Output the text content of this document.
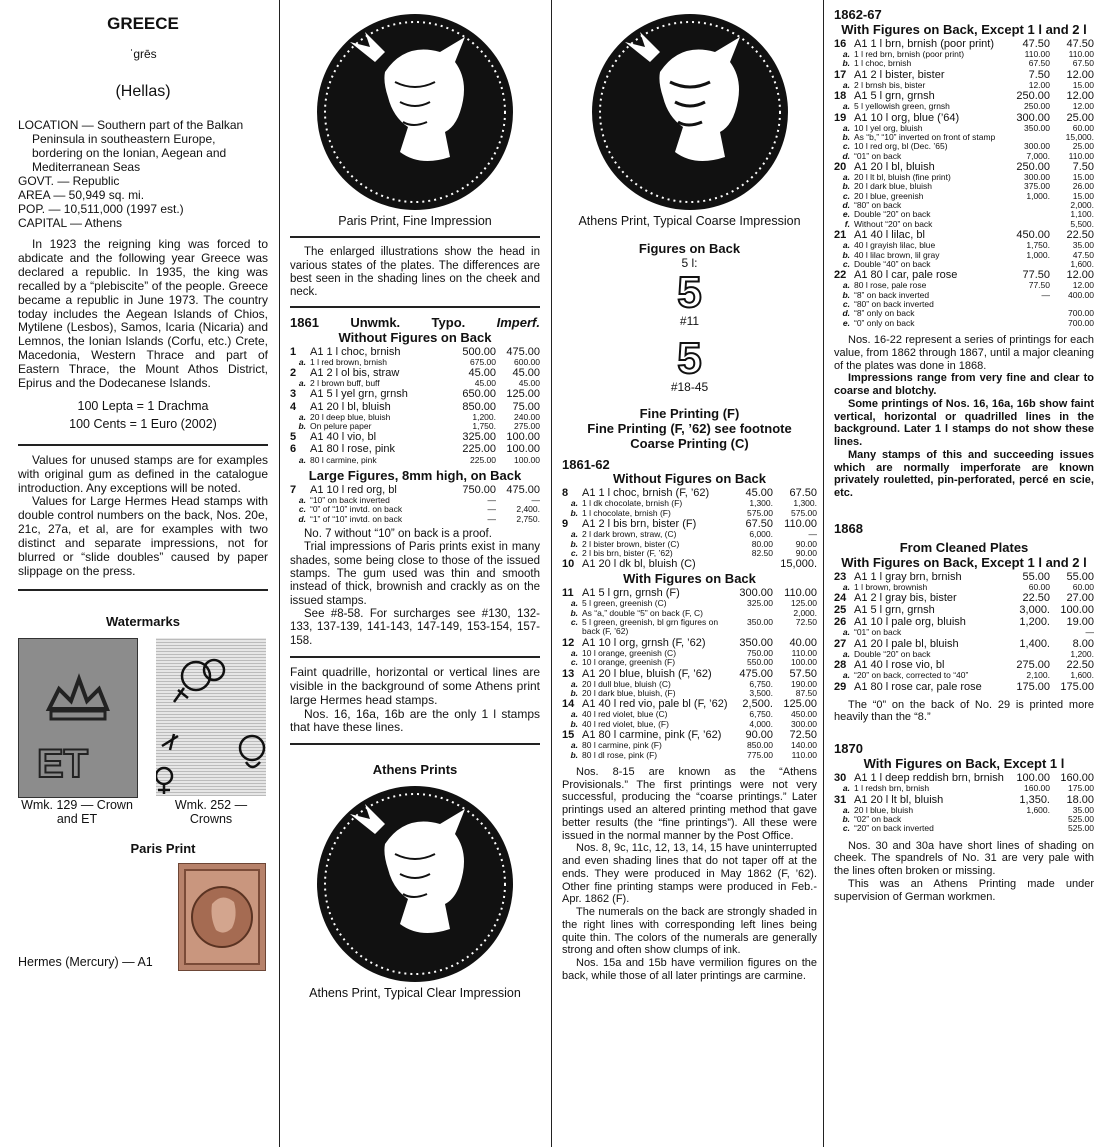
GREECE
ˈgrēs
(Hellas)

LOCATION — Southern part of the Balkan Peninsula in southeastern Europe, bordering on the Ionian, Aegean and Mediterranean Seas

GOVT. — Republic

AREA — 50,949 sq. mi.

POP. — 10,511,000 (1997 est.)

CAPITAL — Athens

In 1923 the reigning king was forced to abdicate and the following year Greece was declared a republic. In 1935, the king was recalled by a “plebiscite” of the people. Greece became a republic in June 1973. The country today includes the Aegean Islands of Chios, Mytilene (Lesbos), Samos, Icaria (Nicaria) and Lemnos, the Ionian Islands (Corfu, etc.) Crete, Macedonia, Western Thrace and part of Eastern Thrace, the Mount Athos District, Epirus and the Dodecanese Islands.

100 Lepta = 1 Drachma

100 Cents = 1 Euro (2002)

Values for unused stamps are for examples with original gum as defined in the catalogue introduction. Any exceptions will be noted.

Values for Large Hermes Head stamps with double control numbers on the back, Nos. 20e, 21c, 27a, et al, are for examples with two distinct and separate impressions, not for blurred or “slide doubles” caused by paper slippage on the press.

Watermarks
ET
Wmk. 129 — Crown and ET
Wmk. 252 — Crowns
Paris Print
Hermes (Mercury) — A1
Paris Print, Fine Impression

The enlarged illustrations show the head in various states of the plates. The differences are best seen in the shading lines on the cheek and neck.

1861 Unwmk. Typo. Imperf.
Without Figures on Back
1	A1 1 l choc, brnish	500.00	475.00
a.	1 l red brown, brnish	675.00	600.00
2	A1 2 l ol bis, straw	45.00	45.00
a.	2 l brown buff, buff	45.00	45.00
3	A1 5 l yel grn, grnsh	650.00	125.00
4	A1 20 l bl, bluish	850.00	75.00
a.	20 l deep blue, bluish	1,200.	240.00
b.	On pelure paper	1,750.	275.00
5	A1 40 l vio, bl	325.00	100.00
6	A1 80 l rose, pink	225.00	100.00
a.	80 l carmine, pink	225.00	100.00
Large Figures, 8mm high, on Back
7	A1 10 l red org, bl	750.00	475.00
a.	“10” on back inverted	—	—
c.	“0” of “10” invtd. on back	—	2,400.
d.	“1” of “10” invtd. on back	—	2,750.

No. 7 without “10” on back is a proof.

Trial impressions of Paris prints exist in many shades, some being close to those of the issued stamps. The gum used was thin and smooth instead of thick, brownish and crackly as on the issued stamps.

See #8-58. For surcharges see #130, 132-133, 137-139, 141-143, 147-149, 153-154, 157-158.

Faint quadrille, horizontal or vertical lines are visible in the background of some Athens print large Hermes head stamps.

Nos. 16, 16a, 16b are the only 1 l stamps that have these lines.

Athens Prints
Athens Print, Typical Clear Impression
Athens Print, Typical Coarse Impression
Figures on Back
5 l:
5
#11
5
#18-45
Fine Printing (F)
Fine Printing (F, ’62) see footnote
Coarse Printing (C)
1861-62
Without Figures on Back
8	A1 1 l choc, brnish (F, ’62)	45.00	67.50
a.	1 l dk chocolate, brnish (F)	1,300.	1,300.
b.	1 l chocolate, brnish (F)	575.00	575.00
9	A1 2 l bis brn, bister (F)	67.50	110.00
a.	2 l dark brown, straw, (C)	6,000.	—
b.	2 l bister brown, bister (C)	80.00	90.00
c.	2 l bis brn, bister (F, ’62)	82.50	90.00
10	A1 20 l dk bl, bluish (C)		15,000.
With Figures on Back
11	A1 5 l grn, grnsh (F)	300.00	110.00
a.	5 l green, greenish (C)	325.00	125.00
b.	As “a,” double “5” on back (F, C)		2,000.
c.	5 l green, greenish, bl grn figures on back (F, ’62)	350.00	72.50
12	A1 10 l org, grnsh (F, ’62)	350.00	40.00
a.	10 l orange, greenish (C)	750.00	110.00
c.	10 l orange, greenish (F)	550.00	100.00
13	A1 20 l blue, bluish (F, ’62)	475.00	57.50
a.	20 l dull blue, bluish (C)	6,750.	190.00
b.	20 l dark blue, bluish, (F)	3,500.	87.50
14	A1 40 l red vio, pale bl (F, ’62)	2,500.	125.00
a.	40 l red violet, blue (C)	6,750.	450.00
b.	40 l red violet, blue, (F)	4,000.	300.00
15	A1 80 l carmine, pink (F, ’62)	90.00	72.50
a.	80 l carmine, pink (F)	850.00	140.00
b.	80 l dl rose, pink (F)	775.00	110.00

Nos. 8-15 are known as the “Athens Provisionals.” The first printings were not very successful, producing the “coarse printings.” Later printings used an altered printing method that gave better results (the “fine printings”). All these were issued in the normal manner by the Post Office.

Nos. 8, 9c, 11c, 12, 13, 14, 15 have uninterrupted and even shading lines that do not taper off at the ends. They were produced in May 1862 (F, ’62). Other fine printing stamps were produced in Feb.-Apr. 1862 (F).

The numerals on the back are strongly shaded in the right lines with corresponding left lines being quite thin. The colors of the numerals are generally strong and often show clumps of ink.

Nos. 15a and 15b have vermilion figures on the back, while those of all later printings are carmine.

1862-67
With Figures on Back, Except 1 l and 2 l
16	A1 1 l brn, brnish (poor print)	47.50	47.50
a.	1 l red brn, brnish (poor print)	110.00	110.00
b.	1 l choc, brnish	67.50	67.50
17	A1 2 l bister, bister	7.50	12.00
a.	2 l brnsh bis, bister	12.00	15.00
18	A1 5 l grn, grnsh	250.00	12.00
a.	5 l yellowish green, grnsh	250.00	12.00
19	A1 10 l org, blue (’64)	300.00	25.00
a.	10 l yel org, bluish	350.00	60.00
b.	As “b,” “10” inverted on front of stamp		15,000.
c.	10 l red org, bl (Dec. ’65)	300.00	25.00
d.	“01” on back	7,000.	110.00
20	A1 20 l bl, bluish	250.00	7.50
a.	20 l lt bl, bluish (fine print)	300.00	15.00
b.	20 l dark blue, bluish	375.00	26.00
c.	20 l blue, greenish	1,000.	15.00
d.	“80” on back		2,000.
e.	Double “20” on back		1,100.
f.	Without “20” on back		5,500.
21	A1 40 l lilac, bl	450.00	22.50
a.	40 l grayish lilac, blue	1,750.	35.00
b.	40 l lilac brown, lil gray	1,000.	47.50
c.	Double “40” on back		1,600.
22	A1 80 l car, pale rose	77.50	12.00
a.	80 l rose, pale rose	77.50	12.00
b.	“8” on back inverted	—	400.00
c.	“80” on back inverted		
d.	“8” only on back		700.00
e.	“0” only on back		700.00

Nos. 16-22 represent a series of printings for each value, from 1862 through 1867, until a major cleaning of the plates was done in 1868.

Impressions range from very fine and clear to coarse and blotchy.

Some printings of Nos. 16, 16a, 16b show faint vertical, horizontal or quadrilled lines in the background. Later 1 l stamps do not show these lines.

Many stamps of this and succeeding issues which are normally imperforate are known privately rouletted, pin-perforated, percé en scie, etc.

1868
From Cleaned Plates
With Figures on Back, Except 1 l and 2 l
23	A1 1 l gray brn, brnish	55.00	55.00
a.	1 l brown, brownish	60.00	60.00
24	A1 2 l gray bis, bister	22.50	27.00
25	A1 5 l grn, grnsh	3,000.	100.00
26	A1 10 l pale org, bluish	1,200.	19.00
a.	“01” on back		—
27	A1 20 l pale bl, bluish	1,400.	8.00
a.	Double “20” on back		1,200.
28	A1 40 l rose vio, bl	275.00	22.50
a.	“20” on back, corrected to “40”	2,100.	1,600.
29	A1 80 l rose car, pale rose	175.00	175.00

The “0” on the back of No. 29 is printed more heavily than the “8.”

1870
With Figures on Back, Except 1 l
30	A1 1 l deep reddish brn, brnish	100.00	160.00
a.	1 l redsh brn, brnish	160.00	175.00
31	A1 20 l lt bl, bluish	1,350.	18.00
a.	20 l blue, bluish	1,600.	35.00
b.	“02” on back		525.00
c.	“20” on back inverted		525.00

Nos. 30 and 30a have short lines of shading on cheek. The spandrels of No. 31 are very pale with the lines often broken or missing.

This was an Athens Printing made under supervision of German workmen.
